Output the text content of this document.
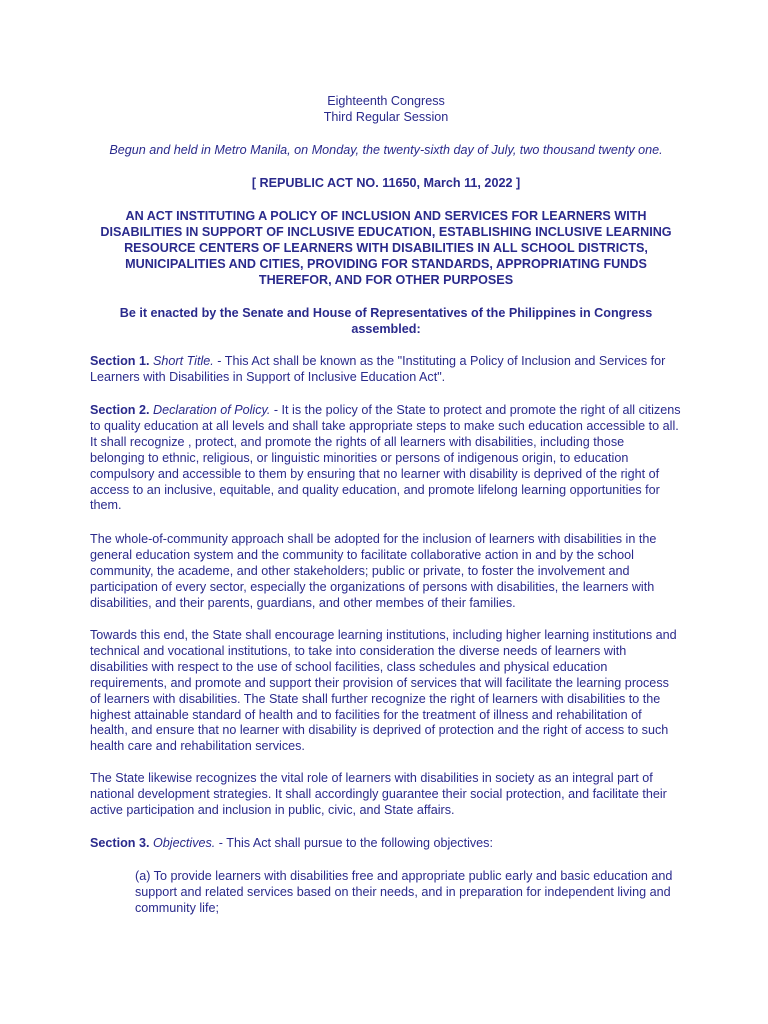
Eighteenth Congress
Third Regular Session

Begun and held in Metro Manila, on Monday, the twenty-sixth day of July, two thousand twenty one.

[ REPUBLIC ACT NO. 11650, March 11, 2022 ]

AN ACT INSTITUTING A POLICY OF INCLUSION AND SERVICES FOR LEARNERS WITH DISABILITIES IN SUPPORT OF INCLUSIVE EDUCATION, ESTABLISHING INCLUSIVE LEARNING RESOURCE CENTERS OF LEARNERS WITH DISABILITIES IN ALL SCHOOL DISTRICTS, MUNICIPALITIES AND CITIES, PROVIDING FOR STANDARDS, APPROPRIATING FUNDS THEREFOR, AND FOR OTHER PURPOSES

Be it enacted by the Senate and House of Representatives of the Philippines in Congress assembled:

Section 1. Short Title. - This Act shall be known as the "Instituting a Policy of Inclusion and Services for Learners with Disabilities in Support of Inclusive Education Act".

Section 2. Declaration of Policy. - It is the policy of the State to protect and promote the right of all citizens to quality education at all levels and shall take appropriate steps to make such education accessible to all. It shall recognize , protect, and promote the rights of all learners with disabilities, including those belonging to ethnic, religious, or linguistic minorities or persons of indigenous origin, to education compulsory and accessible to them by ensuring that no learner with disability is deprived of the right of access to an inclusive, equitable, and quality education, and promote lifelong learning opportunities for them.

The whole-of-community approach shall be adopted for the inclusion of learners with disabilities in the general education system and the community to facilitate collaborative action in and by the school community, the academe, and other stakeholders; public or private, to foster the involvement and participation of every sector, especially the organizations of persons with disabilities, the learners with disabilities, and their parents, guardians, and other membes of their families.

Towards this end, the State shall encourage learning institutions, including higher learning institutions and technical and vocational institutions, to take into consideration the diverse needs of learners with disabilities with respect to the use of school facilities, class schedules and physical education requirements, and promote and support their provision of services that will facilitate the learning process of learners with disabilities. The State shall further recognize the right of learners with disabilities to the highest attainable standard of health and to facilities for the treatment of illness and rehabilitation of health, and ensure that no learner with disability is deprived of protection and the right of access to such health care and rehabilitation services.

The State likewise recognizes the vital role of learners with disabilities in society as an integral part of national development strategies. It shall accordingly guarantee their social protection, and facilitate their active participation and inclusion in public, civic, and State affairs.

Section 3. Objectives. - This Act shall pursue to the following objectives:

(a) To provide learners with disabilities free and appropriate public early and basic education and support and related services based on their needs, and in preparation for independent living and community life;
